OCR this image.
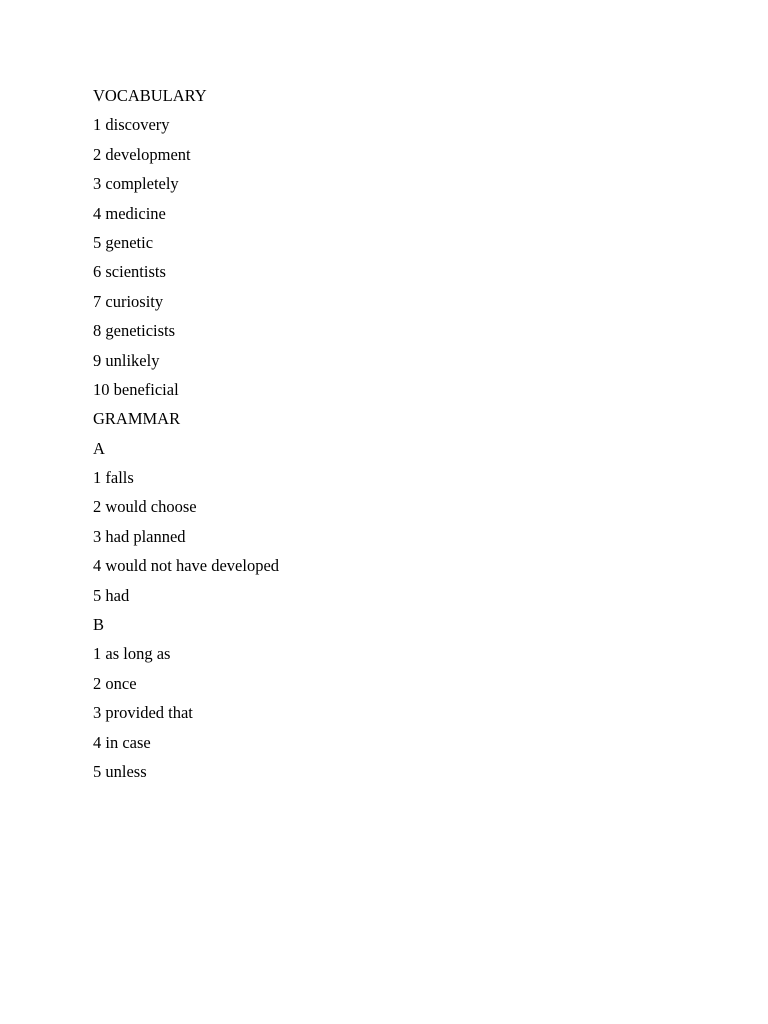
VOCABULARY
1 discovery
2 development
3 completely
4 medicine
5 genetic
6 scientists
7 curiosity
8 geneticists
9 unlikely
10 beneficial
GRAMMAR
A
1 falls
2 would choose
3 had planned
4 would not have developed
5 had
B
1 as long as
2 once
3 provided that
4 in case
5 unless
